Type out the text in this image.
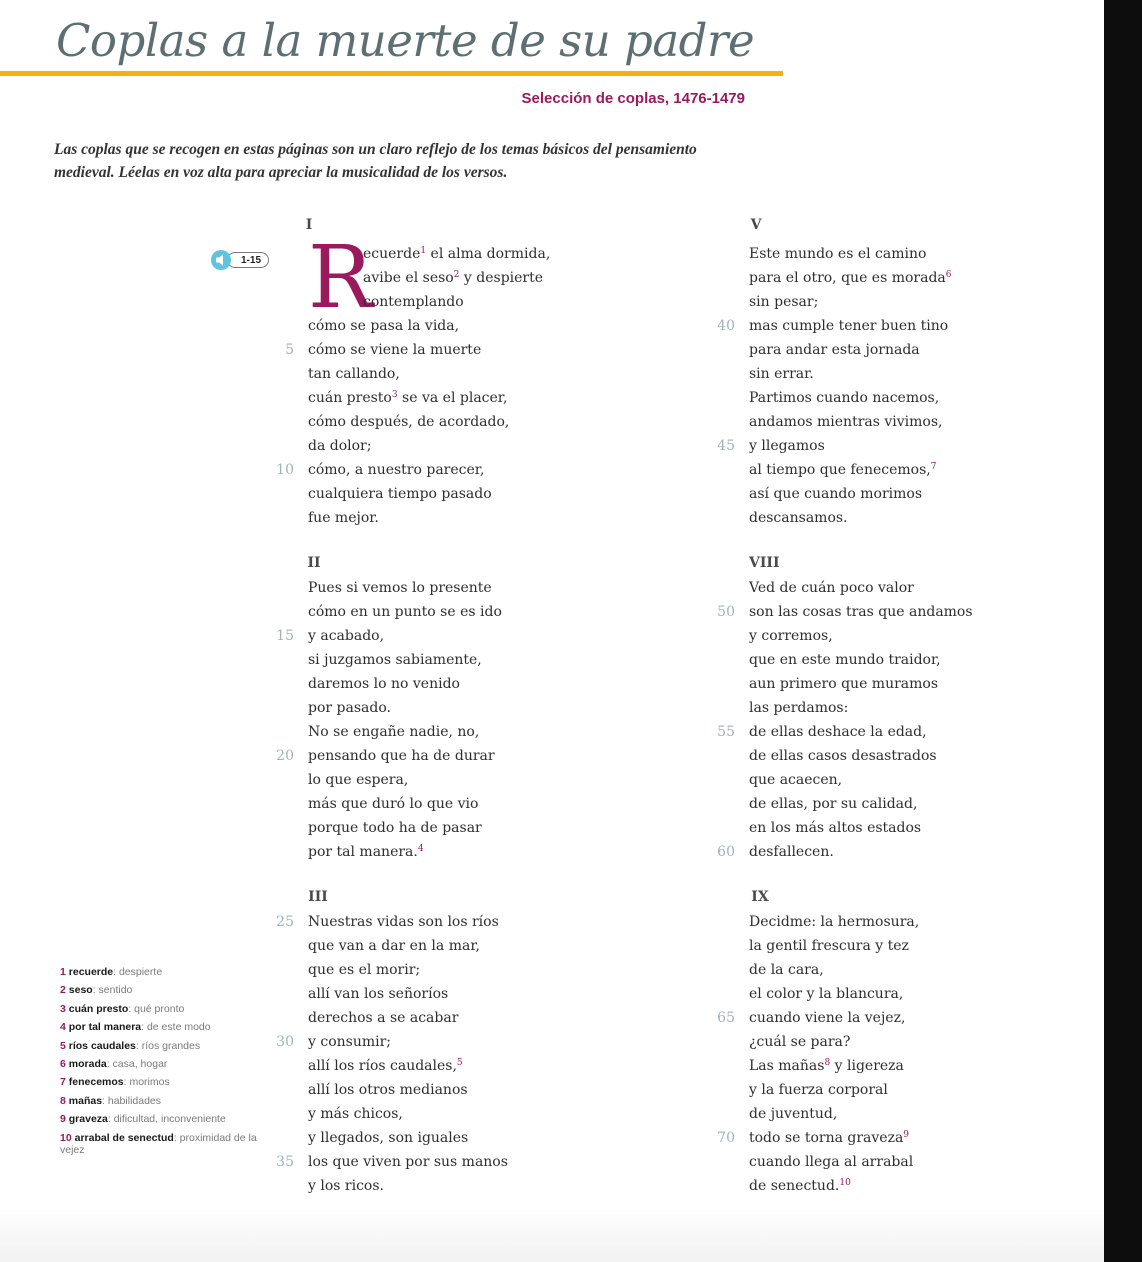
Coplas a la muerte de su padre
Selección de coplas, 1476-1479

Las coplas que se recogen en estas páginas son un claro reflejo de los temas básicos del pensamiento medieval. Léelas en voz alta para apreciar la musicalidad de los versos.

1-15 R
I
ecuerde$^1$ el alma dormida,
avibe el seso$^2$ y despierte
contemplando
cómo se pasa la vida,
5 cómo se viene la muerte
tan callando,
cuán presto$^3$ se va el placer,
cómo después, de acordado,
da dolor;
10 cómo, a nuestro parecer,
cualquiera tiempo pasado
fue mejor.
II
Pues si vemos lo presente
cómo en un punto se es ido
15 y acabado,
si juzgamos sabiamente,
daremos lo no venido
por pasado.
No se engañe nadie, no,
20 pensando que ha de durar
lo que espera,
más que duró lo que vio
porque todo ha de pasar
por tal manera.$^4$
III
25 Nuestras vidas son los ríos
que van a dar en la mar,
que es el morir;
allí van los señoríos
derechos a se acabar
30 y consumir;
allí los ríos caudales,$^5$
allí los otros medianos
y más chicos,
y llegados, son iguales
35 los que viven por sus manos
y los ricos.
V
Este mundo es el camino
para el otro, que es morada$^6$
sin pesar;
40 mas cumple tener buen tino
para andar esta jornada
sin errar.
Partimos cuando nacemos,
andamos mientras vivimos,
45 y llegamos
al tiempo que fenecemos,$^7$
así que cuando morimos
descansamos.
VIII
Ved de cuán poco valor
50 son las cosas tras que andamos
y corremos,
que en este mundo traidor,
aun primero que muramos
las perdamos:
55 de ellas deshace la edad,
de ellas casos desastrados
que acaecen,
de ellas, por su calidad,
en los más altos estados
60 desfallecen.
IX
Decidme: la hermosura,
la gentil frescura y tez
de la cara,
el color y la blancura,
65 cuando viene la vejez,
¿cuál se para?
Las mañas$^8$ y ligereza
y la fuerza corporal
de juventud,
70 todo se torna graveza$^9$
cuando llega al arrabal
de senectud.$^{10}$
1 recuerde: despierte
2 seso: sentido
3 cuán presto: qué pronto
4 por tal manera: de este modo
5 ríos caudales: ríos grandes
6 morada: casa, hogar
7 fenecemos: morimos
8 mañas: habilidades
9 graveza: dificultad, inconveniente
10 arrabal de senectud: proximidad de la vejez
